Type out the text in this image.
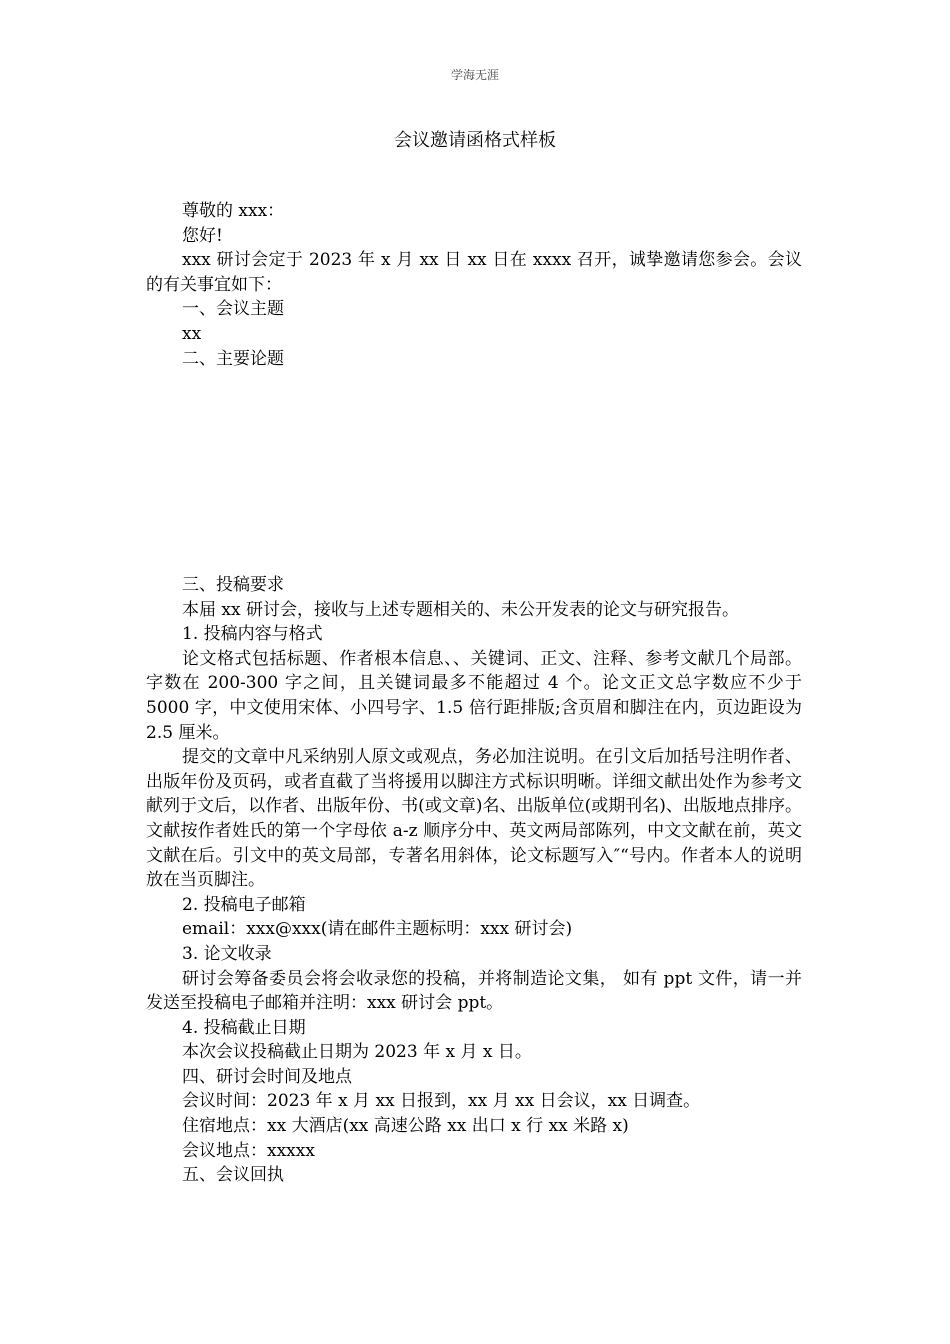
学海无涯
会议邀请函格式样板

尊敬的 xxx：

您好!

xxx 研讨会定于 2023 年 x 月 xx 日 xx 日在 xxxx 召开，诚挚邀请您参会。会议的有关事宜如下：

一、会议主题

xx

二、主要论题

三、投稿要求

本届 xx 研讨会，接收与上述专题相关的、未公开发表的论文与研究报告。

1. 投稿内容与格式

论文格式包括标题、作者根本信息、、关键词、正文、注释、参考文献几个局部。字数在 200-300 字之间，且关键词最多不能超过 4 个。论文正文总字数应不少于 5000 字，中文使用宋体、小四号字、1.5 倍行距排版;含页眉和脚注在内，页边距设为 2.5 厘米。

提交的文章中凡采纳别人原文或观点，务必加注说明。在引文后加括号注明作者、出版年份及页码，或者直截了当将援用以脚注方式标识明晰。详细文献出处作为参考文献列于文后，以作者、出版年份、书(或文章)名、出版单位(或期刊名)、出版地点排序。文献按作者姓氏的第一个字母依 a-z 顺序分中、英文两局部陈列，中文文献在前，英文文献在后。引文中的英文局部，专著名用斜体，论文标题写入″“号内。作者本人的说明放在当页脚注。

2. 投稿电子邮箱

email：xxx@xxx(请在邮件主题标明：xxx 研讨会)

3. 论文收录

研讨会筹备委员会将会收录您的投稿，并将制造论文集， 如有 ppt 文件，请一并发送至投稿电子邮箱并注明：xxx 研讨会 ppt。

4. 投稿截止日期

本次会议投稿截止日期为 2023 年 x 月 x 日。

四、研讨会时间及地点

会议时间：2023 年 x 月 xx 日报到，xx 月 xx 日会议，xx 日调查。

住宿地点：xx 大酒店(xx 高速公路 xx 出口 x 行 xx 米路 x)

会议地点：xxxxx

五、会议回执
